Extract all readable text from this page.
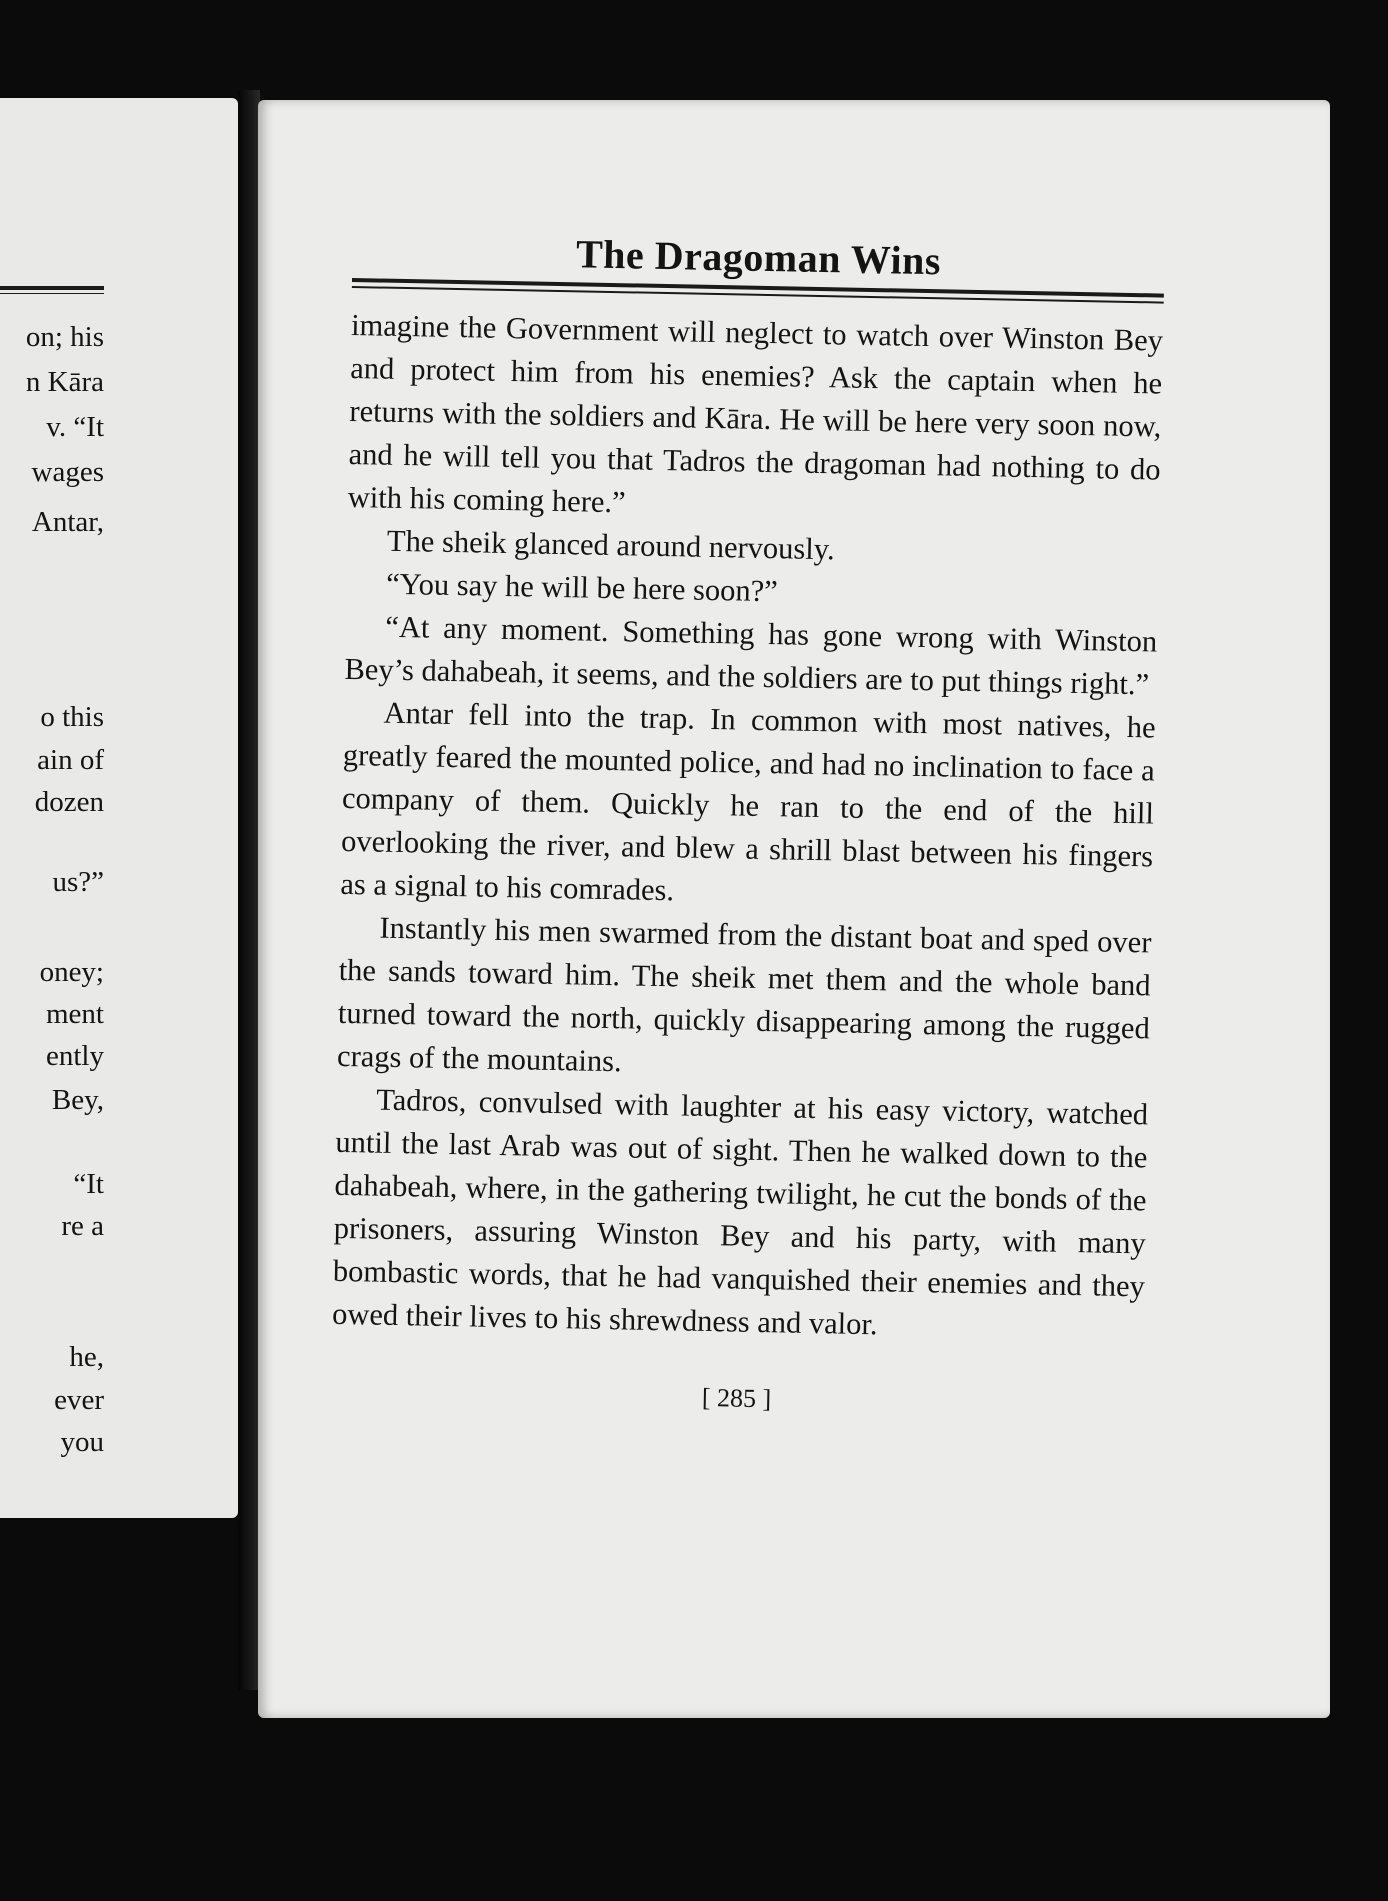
on; his
n Kāra
v. “It
wages
Antar,
o this
ain of
dozen
us?”
oney;
ment
ently
Bey,
“It
re a
he,
ever
you
The Dragoman Wins

imagine the Government will neglect to watch over Winston Bey and protect him from his enemies? Ask the captain when he returns with the soldiers and Kāra. He will be here very soon now, and he will tell you that Tadros the dragoman had nothing to do with his coming here.”

The sheik glanced around nervously.

“You say he will be here soon?”

“At any moment. Something has gone wrong with Winston Bey’s dahabeah, it seems, and the soldiers are to put things right.”

Antar fell into the trap. In common with most natives, he greatly feared the mounted police, and had no inclination to face a company of them. Quickly he ran to the end of the hill overlooking the river, and blew a shrill blast between his fingers as a signal to his comrades.

Instantly his men swarmed from the distant boat and sped over the sands toward him. The sheik met them and the whole band turned toward the north, quickly disappearing among the rugged crags of the mountains.

Tadros, convulsed with laughter at his easy victory, watched until the last Arab was out of sight. Then he walked down to the dahabeah, where, in the gathering twilight, he cut the bonds of the prisoners, assuring Winston Bey and his party, with many bombastic words, that he had vanquished their enemies and they owed their lives to his shrewdness and valor.

[ 285 ]
